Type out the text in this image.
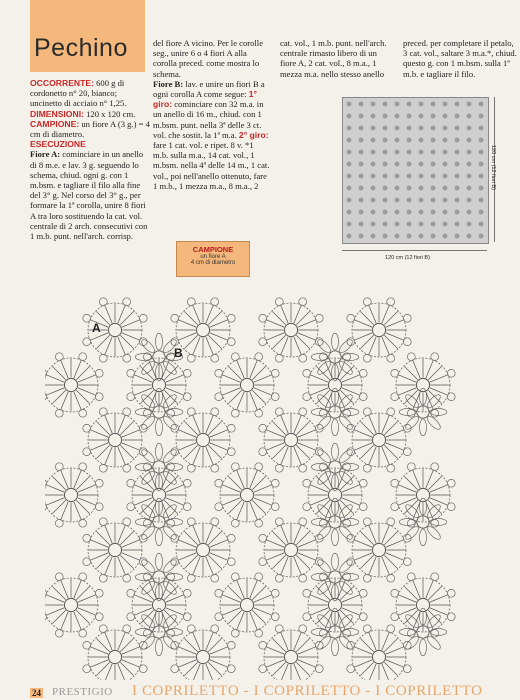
Pechino

OCCORRENTE: 600 g di cordonetto n° 20, bianco; uncinetto di acciaio n° 1,25.

DIMENSIONI: 120 x 120 cm.

CAMPIONE: un fiore A (3 g.) = 4 cm di diametro.

ESECUZIONE

Fiore A: cominciare in un anello di 8 m.e. e lav. 3 g. seguendo lo schema, chiud. ogni g. con 1 m.bsm. e tagliare il filo alla fine del 3° g. Nel corso del 3° g., per formare la 1ª corolla, unire 8 fiori A tra loro sostituendo la cat. vol. centrale di 2 arch. consecutivi con 1 m.b. punt. nell'arch. corrisp.

del fiore A vicino. Per le corolle seg., unire 6 o 4 fiori A alla corolla preced. come mostra lo schema.

Fiore B: lav. e unire un fiori B a ogni corolla A come segue: 1° giro: cominciare con 32 m.a. in un anello di 16 m., chiud. con 1 m.bsm. punt. nella 3ª delle 3 ct. vol. che sostit. la 1ª m.a. 2° giro: fare 1 cat. vol. e ripet. 8 v. *1 m.b. sulla m.a., 14 cat. vol., 1 m.bsm. nella 4ª delle 14 m., 1 cat. vol., poi nell'anello ottenuto, fare 1 m.b., 1 mezza m.a., 8 m.a., 2

cat. vol., 1 m.b. punt. nell'arch. centrale rimasto libero di un fiore A, 2 cat. vol., 8 m.a., 1 mezza m.a. nello stesso anello

preced. per completare il petalo, 3 cat. vol., saltare 3 m.a.*, chiud. questo g. con 1 m.bsm. sulla 1ª m.b. e tagliare il filo.

120 cm (12 fiori B)
120 cm (12 fiori B)
CAMPIONE
un fiore A
4 cm di diametro
A
B
24 PRESTIGIO I COPRILETTO - I COPRILETTO - I COPRILETTO
